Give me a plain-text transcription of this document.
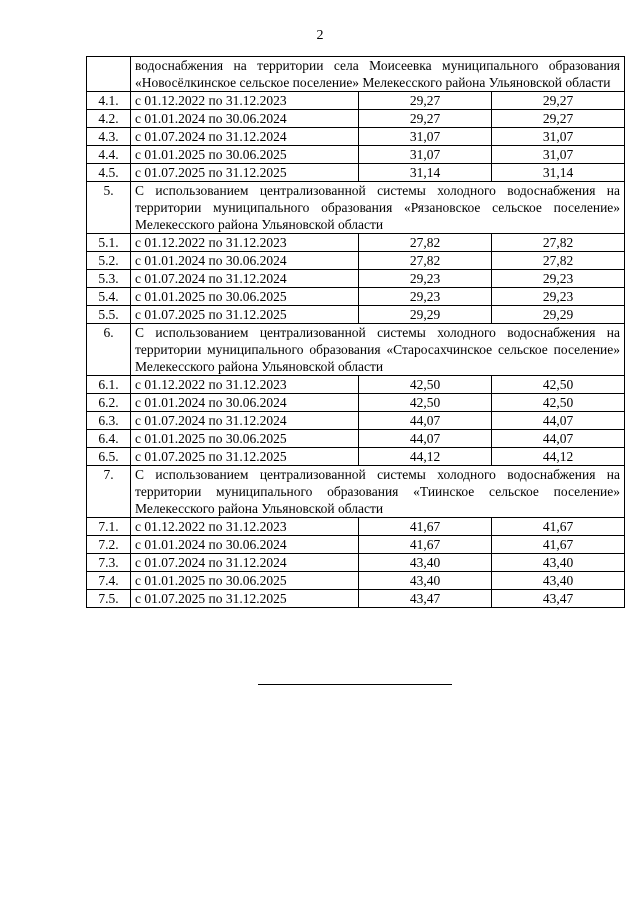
2
	водоснабжения на территории села Моисеевка муниципального образования «Новосёлкинское сельское поселение» Мелекесского района Ульяновской области		
4.1.	с 01.12.2022 по 31.12.2023	29,27	29,27
4.2.	с 01.01.2024 по 30.06.2024	29,27	29,27
4.3.	с 01.07.2024 по 31.12.2024	31,07	31,07
4.4.	с 01.01.2025 по 30.06.2025	31,07	31,07
4.5.	с 01.07.2025 по 31.12.2025	31,14	31,14
5.	С использованием централизованной системы холодного водоснабжения на территории муниципального образования «Рязановское сельское поселение» Мелекесского района Ульяновской области		
5.1.	с 01.12.2022 по 31.12.2023	27,82	27,82
5.2.	с 01.01.2024 по 30.06.2024	27,82	27,82
5.3.	с 01.07.2024 по 31.12.2024	29,23	29,23
5.4.	с 01.01.2025 по 30.06.2025	29,23	29,23
5.5.	с 01.07.2025 по 31.12.2025	29,29	29,29
6.	С использованием централизованной системы холодного водоснабжения на территории муниципального образования «Старосахчинское сельское поселение» Мелекесского района Ульяновской области		
6.1.	с 01.12.2022 по 31.12.2023	42,50	42,50
6.2.	с 01.01.2024 по 30.06.2024	42,50	42,50
6.3.	с 01.07.2024 по 31.12.2024	44,07	44,07
6.4.	с 01.01.2025 по 30.06.2025	44,07	44,07
6.5.	с 01.07.2025 по 31.12.2025	44,12	44,12
7.	С использованием централизованной системы холодного водоснабжения на территории муниципального образования «Тиинское сельское поселение» Мелекесского района Ульяновской области		
7.1.	с 01.12.2022 по 31.12.2023	41,67	41,67
7.2.	с 01.01.2024 по 30.06.2024	41,67	41,67
7.3.	с 01.07.2024 по 31.12.2024	43,40	43,40
7.4.	с 01.01.2025 по 30.06.2025	43,40	43,40
7.5.	с 01.07.2025 по 31.12.2025	43,47	43,47
